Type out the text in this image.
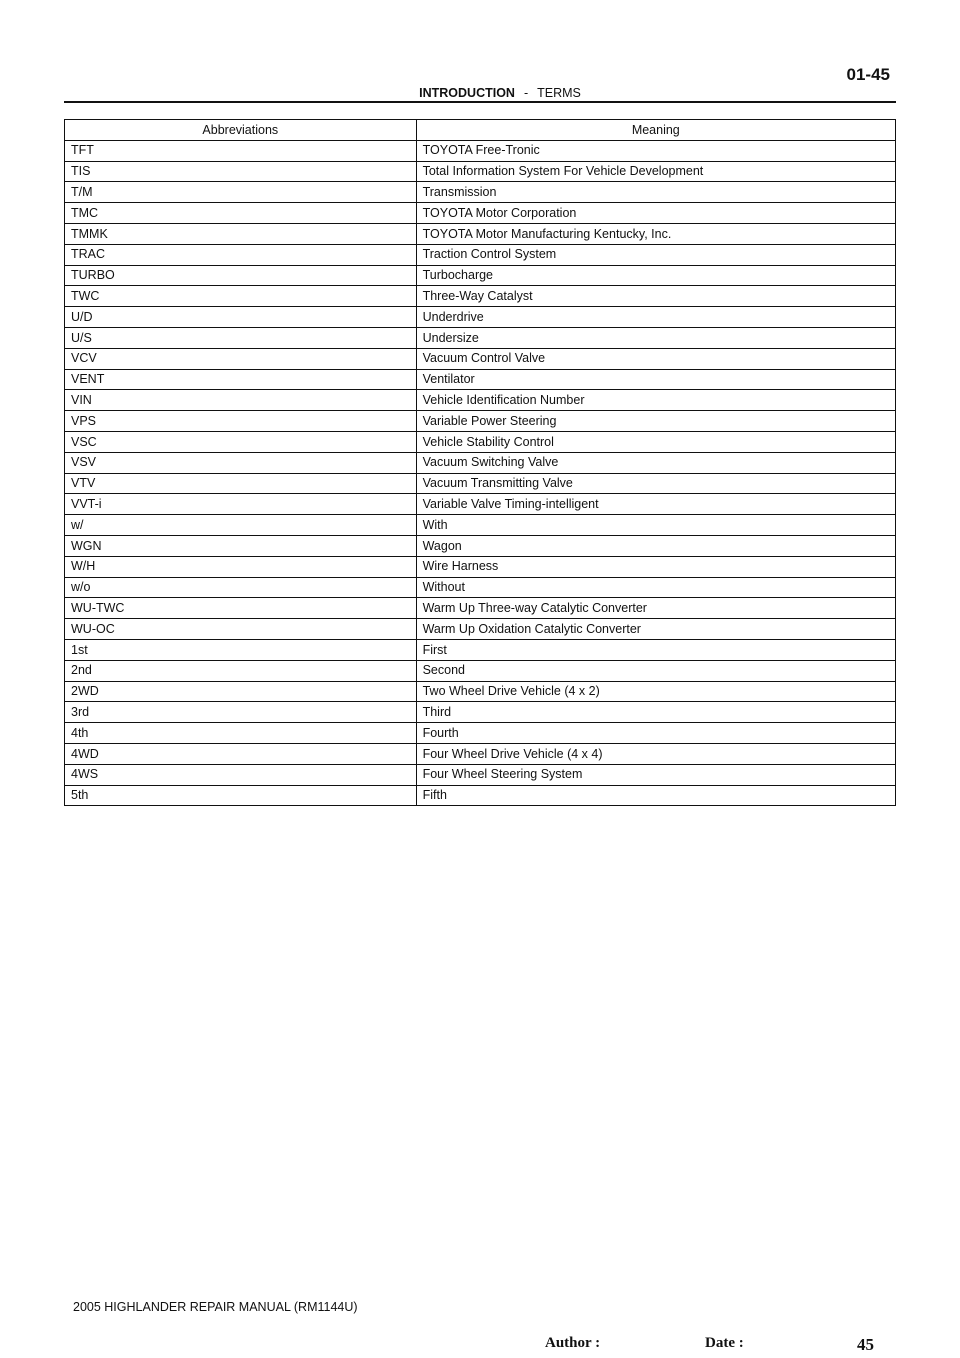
01-45
INTRODUCTION - TERMS
Abbreviations	Meaning
TFT	TOYOTA Free-Tronic
TIS	Total Information System For Vehicle Development
T/M	Transmission
TMC	TOYOTA Motor Corporation
TMMK	TOYOTA Motor Manufacturing Kentucky, Inc.
TRAC	Traction Control System
TURBO	Turbocharge
TWC	Three-Way Catalyst
U/D	Underdrive
U/S	Undersize
VCV	Vacuum Control Valve
VENT	Ventilator
VIN	Vehicle Identification Number
VPS	Variable Power Steering
VSC	Vehicle Stability Control
VSV	Vacuum Switching Valve
VTV	Vacuum Transmitting Valve
VVT-i	Variable Valve Timing-intelligent
w/	With
WGN	Wagon
W/H	Wire Harness
w/o	Without
WU-TWC	Warm Up Three-way Catalytic Converter
WU-OC	Warm Up Oxidation Catalytic Converter
1st	First
2nd	Second
2WD	Two Wheel Drive Vehicle (4 x 2)
3rd	Third
4th	Fourth
4WD	Four Wheel Drive Vehicle (4 x 4)
4WS	Four Wheel Steering System
5th	Fifth
2005 HIGHLANDER REPAIR MANUAL (RM1144U)
Author :	Date :	45
